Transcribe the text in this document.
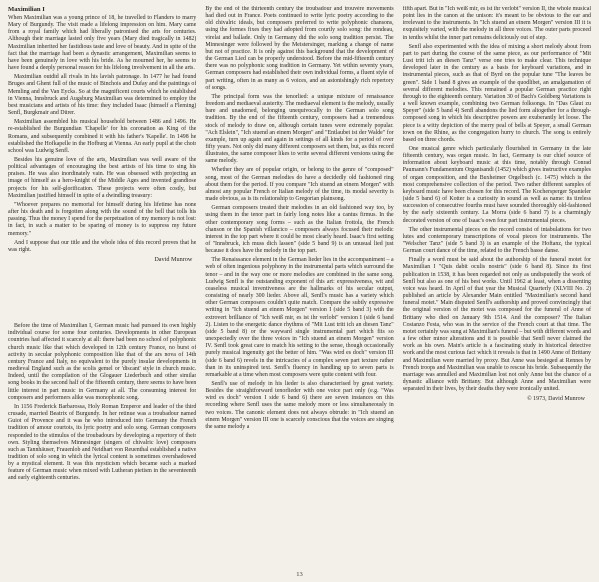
Maximilian I

When Maximilian was a young prince of 18, he travelled to Flanders to marry Mary of Burgundy. The visit made a lifelong impression on him. Mary came from a royal family which had liberally patronised the arts for centuries. Although their marriage lasted only five years (Mary died tragically in 1482) Maximilian inherited her fastidious taste and love of beauty. And in spite of the fact that the marriage had been a dynastic arrangement, Maximilian seems to have been genuinely in love with his bride. As he mourned her, he seems to have found a deeply personal reason for his lifelong involvement in all the arts.

Maximilian outdid all rivals in his lavish patronage. In 1477 he had found Bruges and Ghent full of the music of Binchois and Dufay and the paintings of Memling and the Van Eycks. So at the magnificent courts which he established in Vienna, Innsbruck and Augsburg Maximilian was determined to employ the best musicians and artists of his time: they included Isaac (himself a Fleming) Senfl, Burgkmair and Dürer.

Maximilian assembled his musical household between 1486 and 1496. He re-established the Burgundian 'Chapelle' for his coronation as King of the Romans, and subsequently combined it with his father's 'Kapelle'. In 1498 he established the Hofkapelle in the Hofburg at Vienna. An early pupil at the choir school was Ludwig Senfl.

Besides his genuine love of the arts, Maximilian was well aware of the political advantages of encouraging the best artists of his time to sing his praises. He was also inordinately vain. He was obsessed with projecting an image of himself as a hero-knight of the Middle Ages and invented grandiose projects for his self-glorification. These projects were often costly, but Maximilian justified himself in spite of a dwindling treasury:

"Whoever prepares no memorial for himself during his lifetime has none after his death and is forgotten along with the sound of the bell that tolls his passing. Thus the money I spend for the perpetuation of my memory is not lost: in fact, in such a matter to be sparing of money is to suppress my future memory."

And I suppose that our title and the whole idea of this record proves that he was right.

David Munrow

Before the time of Maximilian I, German music had pursued its own highly individual course for some four centuries. Developments in other European countries had affected it scarcely at all: there had been no school of polyphonic church music like that which developed in 12th century France, no burst of activity in secular polyphonic composition like that of the ars nova of 14th century France and Italy, no equivalent to the purely insular developments in medieval England such as the scolis gemel or 'discant' style in church music. Indeed, until the compilation of the Glogauer Liederbuch and other similar song books in the second half of the fifteenth century, there seems to have been little interest in part music in Germany at all. The consuming interest for composers and performers alike was monophonic song.

In 1156 Frederick Barbarossa, Holy Roman Emperor and leader of the third crusade, married Beatrix of Burgundy. In her retinue was a troubadour named Guiot of Provence and it was he who introduced into Germany the French tradition of amour courtois, its lyric poetry and solo song. German composers responded to the stimulus of the troubadours by developing a repertory of their own. Styling themselves Minnesinger (singers of chivalric love) composers such as Tannhäuser, Frauenlob and Neidhart von Reuenthal established a native tradition of solo song in which the lyrical content is sometimes overshadowed by a mystical element. It was this mysticism which became such a marked feature of German music when mixed with Lutheran pietism in the seventeenth and early eighteenth centuries.

By the end of the thirteenth century the troubadour and trouvère movements had died out in France. Poets continued to write lyric poetry according to the old chivalric ideals, but composers preferred to write polyphonic chansons, using the formes fixes they had adopted from courtly solo song: the rondeau, virelai and ballade. Only in Germany did the solo song tradition persist. The Minnesinger were followed by the Meistersinger, marking a change of name but not of practice. It is only against this background that the development of the German Lied can be properly understood. Before the mid-fifteenth century there was no polyphonic song tradition in Germany. Yet within seventy years, German composers had established their own individual forms, a fluent style of part writing, often in as many as 6 voices, and an astonishingly rich repertory of songs.

The principal form was the tenorlied: a unique mixture of renaissance freedom and mediaeval austerity. The mediaeval element is the melody, usually bare and unadorned, belonging unequivocally to the German solo song tradition. By the end of the fifteenth century, composers had a tremendous stock of melody to draw on, although certain tunes were extremely popular. "Ach Elslein", "Ich stuend an einem Morgen" and "Entlaubet ist der Walde" for example, turn up again and again in settings of all kinds for a period of over fifty years. Not only did many different composers set them, but, as this record illustrates, the same composer likes to write several different versions using the same melody.

Whether they are of popular origin, or belong to the genre of "composed" song, most of the German melodies do have a decidedly old fashioned ring about them for the period. If you compare "Ich stuend an einem Morgen" with almost any popular French or Italian melody of the time, its modal severity is made obvious, as is its relationship to Gregorian plainsong.

German composers treated their melodies in an old fashioned way too, by using them in the tenor part in fairly long notes like a cantus firmus. In the other contemporary song forms – such as the Italian frottola, the French chanson or the Spanish villancico – composers always focused their melodic interest in the top part where it could be most clearly heard. Isaac's first setting of "Innsbruck, ich muss dich lassen" (side 5 band 9) is an unusual lied just because it does have the melody in the top part.

The Renaissance element in the German lieder lies in the accompaniment – a web of often ingenious polyphony in the instrumental parts which surround the tenor – and in the way one or more melodies are combined in the same song. Ludwig Senfl is the outstanding exponent of this art: expressiveness, wit and ceaseless musical inventiveness are the hallmarks of his secular output, consisting of nearly 300 lieder. Above all, Senfl's music has a variety which other German composers couldn't quite match. Compare the subtly expressive writing in "Ich stuend an einem Morgen" version I (side 5 band 3) with the extrovert brilliance of "Ich weiß mir, es ist ihr verlobt" version I (side 6 band 2). Listen to the energetic dance rhythms of "Mit Lust tritt ich an diesen Tanz" (side 5 band 8) or the wayward single instrumental part which fits so unexpectedly over the three voices in "Ich stuend an einem Morgen" version IV. Senfl took great care to match his setting to the sense, though occasionally purely musical ingenuity got the better of him. "Was wird es doch" version III (side 6 band 6) revels in the intricacies of a complex seven part texture rather than in its uninspired text. Senfl's fluency in handling up to seven parts is remarkable at a time when most composers were quite content with four.

Senfl's use of melody in his lieder is also characterised by great variety. Besides the straightforward tenorlieder with one voice part only (e.g. "Was wird es doch" version I side 6 band 6) there are seven instances on this recording where Senfl uses the same melody more or less simultaneously in two voices. The canonic element does not always obtrude: in "Ich stuend an einem Morgen" version III one is scarcely conscious that the voices are singing the same melody a

fifth apart. But in "Ich weiß mir, es ist ihr verlobt" version II, the whole musical point lies in the canon at the unison: it's meant to be obvious to the ear and irrelevant to the instruments. In "Ich stuend an einem Morgen" version III it is exquisitely varied, with the melody in all three voices. The outer parts proceed in tenths whilst the inner part remains deliciously out of step.

Senfl also experimented with the idea of mixing a short melody about from part to part during the course of the same piece, as our performance of "Mit Lust tritt ich an diesen Tanz" verse one tries to make clear. This technique developed later in the century as a basis for keyboard variations, and in instrumental pieces, such as that of Byrd on the popular tune "The leaves be green". Side 1 band 8 gives an example of the quodlibet, an amalgamation of several different melodies. This remained a popular German practice right through to the eighteenth century. Variation 30 of Bach's Goldberg Variations is a well known example, combining two German folksongs. In "Das Glaut zu Speyer" (side 5 band 4) Senfl abandons the lied form altogether for a through-composed song in which his descriptive powers are exuberantly let loose. The piece is a witty depiction of the merry peal of bells at Speyer, a small German town on the Rhine, as the congregation hurry to church. The song is entirely based on three chords.

One musical genre which particularly flourished in Germany in the late fifteenth century, was organ music. In fact, Germany is our chief source of information about keyboard music at this time, notably through Conrad Paumann's Fundamentum Organisandi (1452) which gives instructive examples of organ composition, and the Buxheimer Orgelbuch (c. 1475) which is the most comprehensive collection of the period. Two rather different samples of keyboard music have been chosen for this record. The Kochersperger Spanieler (side 5 band 6) of Kotter is a curiosity in sound as well as name: its tireless succession of consecutive fourths must have sounded thoroughly old-fashioned by the early sixteenth century. La Morra (side 6 band 7) is a charmingly decorated version of one of Isaac's own four part instrumental pieces.

The other instrumental pieces on the record consist of intabulations for two lutes and contemporary transcriptions of vocal pieces for instruments. The "Welscher Tanz" (side 5 band 3) is an example of the Hoftanz, the typical German court dance of the time, related to the French basse danse.

Finally a word must be said about the authorship of the funeral motet for Maximilian I "Quis dabit oculis nostris" (side 6 band 8). Since its first publication in 1538, it has been regarded not only as undisputedly the work of Senfl but also as one of his best works. Until 1962 at least, when a dissenting voice was heard. In April of that year the Musical Quarterly (XLVIII No. 2) published an article by Alexander Main entitled "Maximilian's second hand funeral motet." Main disputed Senfl's authorship and proved convincingly that the original version of the motet was composed for the funeral of Anne of Brittany who died on January 9th 1514. And the composer? The Italian Costanzo Festa, who was in the service of the French court at that time. The motet certainly was sung at Maximilian's funeral – but with different words and a few other minor alterations and it is possible that Senfl never claimed the work as his own. Main's article is a fascinating study in historical detective work and the most curious fact which it reveals is that in 1490 Anne of Brittany and Maximilian were married by proxy. But Anne was besieged at Rennes by French troops and Maximilian was unable to rescue his bride. Subsequently the marriage was annulled and Maximilian lost not only Anne but the chance of a dynastic alliance with Brittany. But although Anne and Maximilian were separated in their lives, by their deaths they were ironically united.

© 1973, David Munrow
13
